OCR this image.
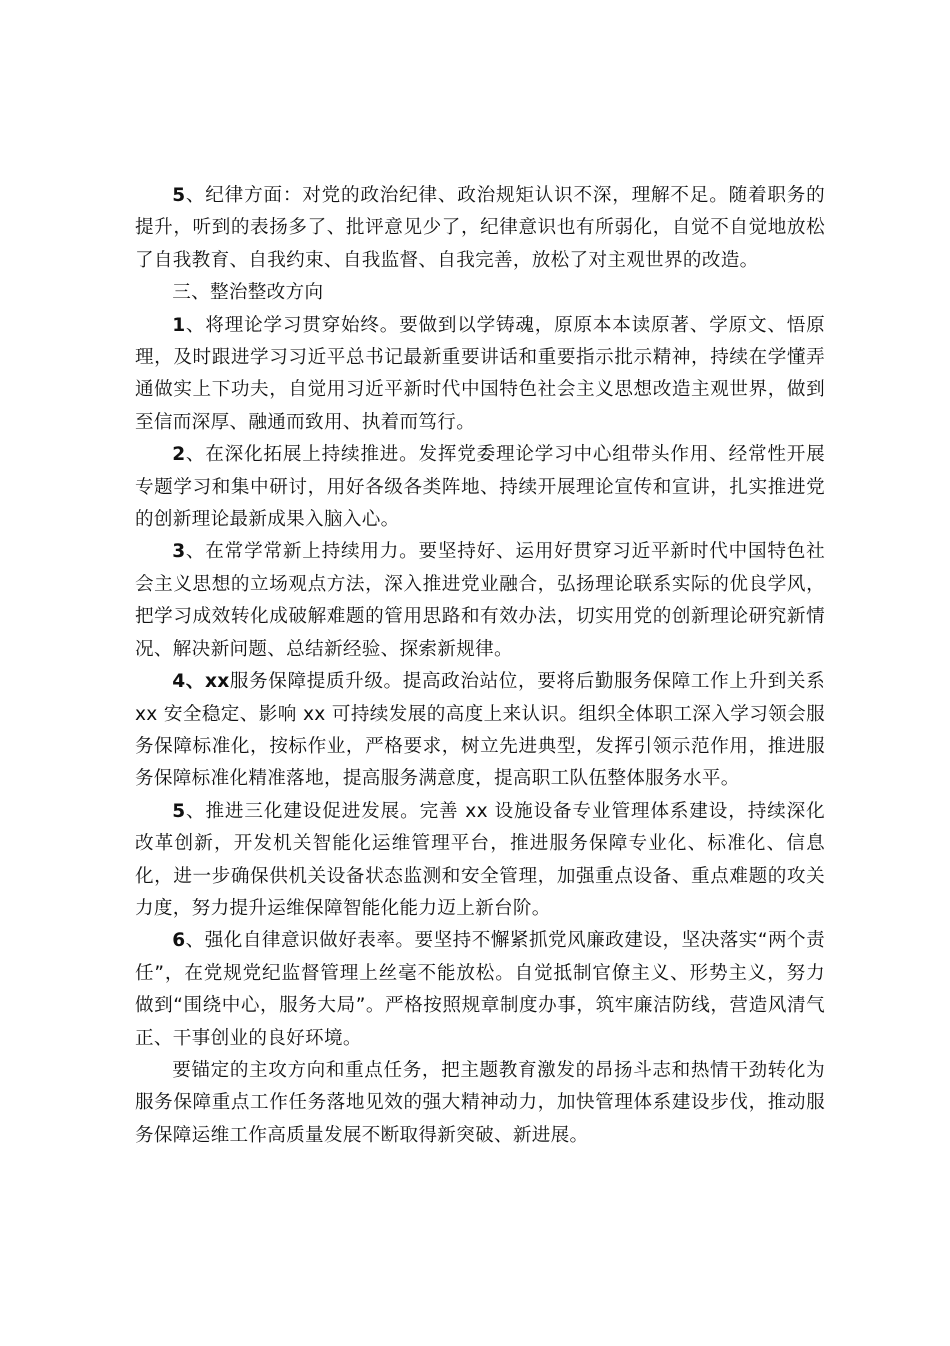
5、纪律方面：对党的政治纪律、政治规矩认识不深，理解不足。随着职务的提升，听到的表扬多了、批评意见少了，纪律意识也有所弱化，自觉不自觉地放松了自我教育、自我约束、自我监督、自我完善，放松了对主观世界的改造。

三、整治整改方向

1、将理论学习贯穿始终。要做到以学铸魂，原原本本读原著、学原文、悟原理，及时跟进学习习近平总书记最新重要讲话和重要指示批示精神，持续在学懂弄通做实上下功夫，自觉用习近平新时代中国特色社会主义思想改造主观世界，做到至信而深厚、融通而致用、执着而笃行。

2、在深化拓展上持续推进。发挥党委理论学习中心组带头作用、经常性开展专题学习和集中研讨，用好各级各类阵地、持续开展理论宣传和宣讲，扎实推进党的创新理论最新成果入脑入心。

3、在常学常新上持续用力。要坚持好、运用好贯穿习近平新时代中国特色社会主义思想的立场观点方法，深入推进党业融合，弘扬理论联系实际的优良学风，把学习成效转化成破解难题的管用思路和有效办法，切实用党的创新理论研究新情况、解决新问题、总结新经验、探索新规律。

4、xx服务保障提质升级。提高政治站位，要将后勤服务保障工作上升到关系 xx 安全稳定、影响 xx 可持续发展的高度上来认识。组织全体职工深入学习领会服务保障标准化，按标作业，严格要求，树立先进典型，发挥引领示范作用，推进服务保障标准化精准落地，提高服务满意度，提高职工队伍整体服务水平。

5、推进三化建设促进发展。完善 xx 设施设备专业管理体系建设，持续深化改革创新，开发机关智能化运维管理平台，推进服务保障专业化、标准化、信息化，进一步确保供机关设备状态监测和安全管理，加强重点设备、重点难题的攻关力度，努力提升运维保障智能化能力迈上新台阶。

6、强化自律意识做好表率。要坚持不懈紧抓党风廉政建设，坚决落实“两个责任”，在党规党纪监督管理上丝毫不能放松。自觉抵制官僚主义、形势主义，努力做到“围绕中心，服务大局”。严格按照规章制度办事，筑牢廉洁防线，营造风清气正、干事创业的良好环境。

要锚定的主攻方向和重点任务，把主题教育激发的昂扬斗志和热情干劲转化为服务保障重点工作任务落地见效的强大精神动力，加快管理体系建设步伐，推动服务保障运维工作高质量发展不断取得新突破、新进展。
